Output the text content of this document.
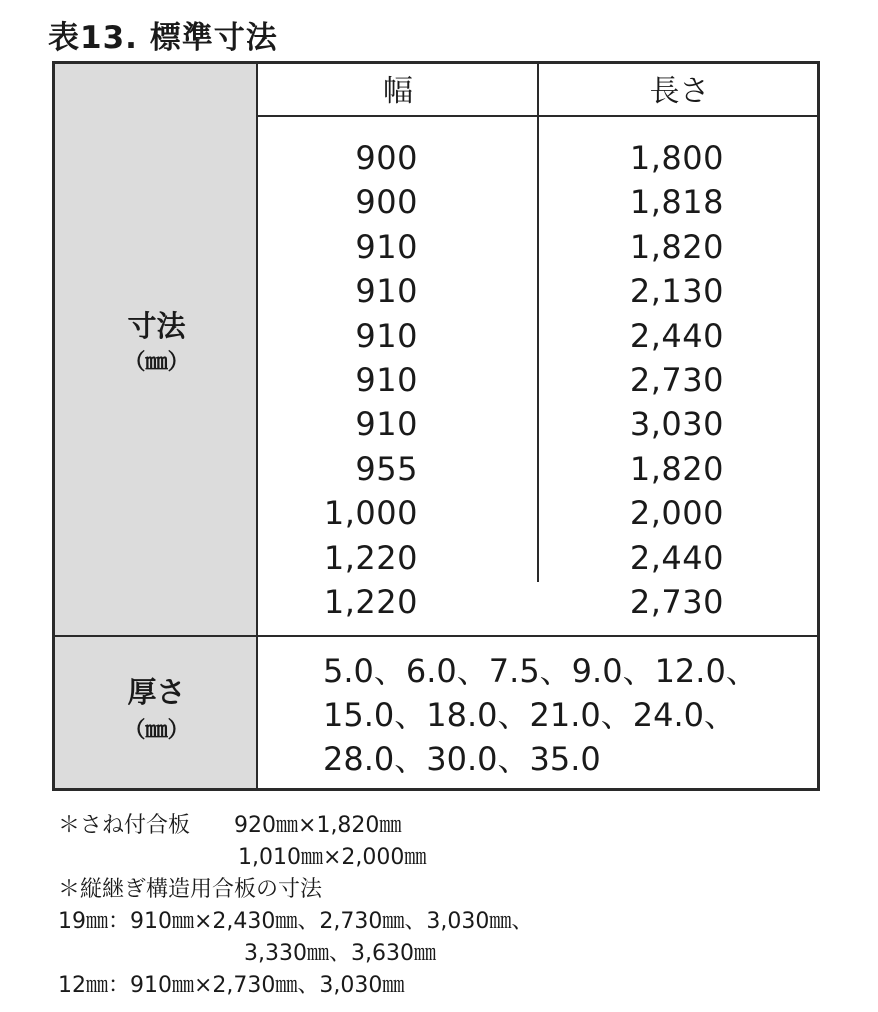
表13. 標準寸法
幅	長さ
寸法
（㎜）
900
900
910
910
910
910
910
955
1,000
1,220
1,220
1,800
1,818
1,820
2,130
2,440
2,730
3,030
1,820
2,000
2,440
2,730
厚さ
（㎜）
5.0、6.0、7.5、9.0、12.0、
15.0、18.0、21.0、24.0、
28.0、30.0、35.0
＊さね付合板 920㎜×1,820㎜
1,010㎜×2,000㎜
＊縦継ぎ構造用合板の寸法
19㎜：910㎜×2,430㎜、2,730㎜、3,030㎜、
3,330㎜、3,630㎜
12㎜：910㎜×2,730㎜、3,030㎜
